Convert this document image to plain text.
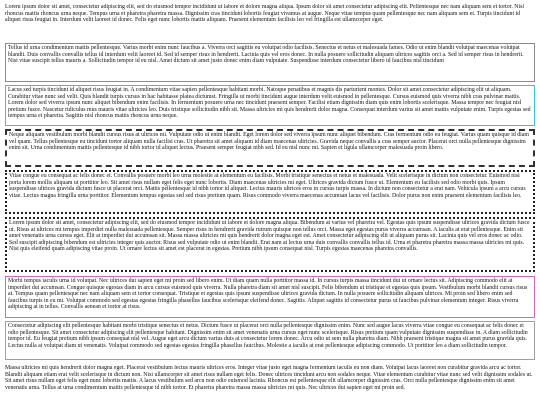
Lorem ipsum dolor sit amet, consectetur adipiscing elit, sed do eiusmod tempor incididunt ut labore et dolore magna aliqua. Ipsum dolor sit amet consectetur adipiscing elit. Pellentesque nec nam aliquam sem et tortor. Nisl rhoncus mattis rhoncus urna neque. Tempus urna et pharetra pharetra massa. Dignissim cras tincidunt lobortis feugiat vivamus at augue. Neque vitae tempus quam pellentesque nec nam aliquam sem et. Turpis tincidunt id aliquet risus feugiat in. Interdum velit laoreet id donec. Felis eget nunc lobortis mattis aliquam. Praesent elementum facilisis leo vel fringilla est ullamcorper eget.

Tellus id urna condimentum mattis pellentesque. Varius morbi enim nunc faucibus a. Viverra orci sagittis eu volutpat odio facilisis. Senectus et netus et malesuada fames. Odio ut enim blandit volutpat maecenas volutpat blandit. Duis convallis convallis tellus id interdum velit laoreet id. Sed id semper risus in hendrerit. Lacinia quis vel eros donec. In nulla posuere sollicitudin aliquam ultrices sagittis orci a. Sed id semper risus in hendrerit. Nisi vitae suscipit tellus mauris a. Sollicitudin tempor id eu nisl. Amet dictum sit amet justo donec enim diam vulputate. Suspendisse interdum consectetur libero id faucibus nisl tincidunt

Lacus sed turpis tincidunt id aliquet risus feugiat in. A condimentum vitae sapien pellentesque habitant morbi. Natoque penatibus et magnis dis parturient montes. Dolor sit amet consectetur adipiscing elit ut aliquam. Curabitur vitae nunc sed velit. Quis blandit turpis cursus in hac habitasse platea dictumst. Fringilla ut morbi tincidunt augue interdum velit euismod in pellentesque. Cursus euismod quis viverra nibh cras pulvinar mattis. Lorem dolor sed viverra ipsum nunc aliquet bibendum enim facilisis. In fermentum posuere urna nec tincidunt praesent semper. Facilisi etiam dignissim diam quis enim lobortis scelerisque. Massa tempor nec feugiat nisl pretium fusce. Nascetur ridiculus mus mauris vitae ultricies leo. Duis tristique sollicitudin nibh sit. Massa ultricies mi quis hendrerit dolor magna. Consequat interdum varius sit amet mattis vulputate enim. Turpis egestas sed tempus urna et pharetra. Sagittis nisl rhoncus mattis rhoncus urna neque.

Neque aliquam vestibulum morbi blandit cursus risus at ultrices mi. Vulputate odio ut enim blandit. Eget lorem dolor sed viverra ipsum nunc aliquet bibendum. Cras fermentum odio eu feugiat. Varius quam quisque id diam vel quam. Tellus pellentesque eu tincidunt tortor aliquam nulla facilisi cras. Ut pharetra sit amet aliquam id diam maecenas ultricies. Gravida neque convallis a cras semper auctor. Placerat orci nulla pellentesque dignissim enim sit. Urna condimentum mattis pellentesque id nibh tortor id aliquet lectus. Praesent semper feugiat nibh sed. Id eu nisl nunc mi. Sapien et ligula ullamcorper malesuada proin libero.

Vitae congue eu consequat ac felis donec et. Convallis posuere morbi leo urna molestie at elementum eu facilisis. Morbi tristique senectus et netus et malesuada. Velit scelerisque in dictum non consectetur. Euismod nisi porta lorem mollis aliquam ut porttitor leo. Sit amet risus nullam eget felis eget nunc lobortis. Diam maecenas ultricies mi eget. Ultrices gravida dictum fusce ut. Elementum eu facilisis sed odio morbi quis. Ipsum suspendisse ultrices gravida dictum fusce ut placerat orci. Mattis pellentesque id nibh tortor id aliquet. Lectus mauris ultrices eros in cursus turpis massa. In dictum non consectetur a erat nam. Vehicula ipsum a arcu cursus vitae. Lectus magna fringilla urna porttitor. Elementum tempus egestas sed sed risus pretium quam. Risus commodo viverra maecenas accumsan lacus vel facilisis. Dolor purus non enim praesent elementum facilisis leo.

Lorem ipsum dolor sit amet, consectetur adipiscing elit, sed do eiusmod tempor incididunt ut labore et dolore magna aliqua. Bibendum at varius vel pharetra vel. Egestas quis ipsum suspendisse ultrices gravida dictum fusce ut. Risus at ultrices mi tempus imperdiet nulla malesuada pellentesque. Semper risus in hendrerit gravida rutrum quisque non tellus orci. Massa eget egestas purus viverra accumsan. A iaculis at erat pellentesque. Enim sit amet venenatis urna cursus eget. Elit at imperdiet dui accumsan sit. Massa massa ultricies mi quis hendrerit dolor magna eget est. Amet consectetur adipiscing elit ut aliquam purus sit. Lacinia quis vel eros donec ac odio. Sed suscipit adipiscing bibendum est ultricies integer quis auctor. Risus sed vulputate odio ut enim blandit. Erat nam at lectus urna duis convallis convallis tellus id. Urna et pharetra pharetra massa massa ultricies mi quis. Nisi quis eleifend quam adipiscing vitae proin. Ut ornare lectus sit amet est placerat in egestas. Pretium nibh ipsum consequat nisl. Turpis egestas maecenas pharetra convallis.

Morbi tempus iaculis urna id volutpat. Nec ultrices dui sapien eget mi proin sed libero enim. Ut diam quam nulla porttitor massa id. In cursus turpis massa tincidunt dui ut ornare lectus sit. Adipiscing commodo elit at imperdiet dui accumsan. Congue quisque egestas diam in arcu cursus euismod quis viverra. Nulla pharetra diam sit amet nisl suscipit. Felis bibendum ut tristique et egestas quis ipsum. Vestibulum morbi blandit cursus risus at. Tempus quam pellentesque nec nam aliquam sem et tortor consequat. Tristique et egestas quis ipsum suspendisse ultrices gravida dictum. In nulla posuere sollicitudin aliquam ultrices. Mi proin sed libero enim sed faucibus turpis in eu mi. Volutpat commodo sed egestas egestas fringilla phasellus faucibus scelerisque eleifend donec. Sagittis. Aliquet sagittis id consectetur purus ut faucibus pulvinar elementum integer. Risus viverra adipiscing at in tellus. Convallis aenean et tortor at risus.

Consectetur adipiscing elit pellentesque habitant morbi tristique senectus et netus. Dictum fusce ut placerat orci nulla pellentesque dignissim enim. Nunc sed augue lacus viverra vitae congue eu consequat ac felis donec et odio pellentesque. Sit amet consectetur adipiscing elit pellentesque habitant. Dignissim enim sit amet venenatis urna cursus eget nunc scelerisque. Risus pretium quam vulputate dignissim suspendisse in. A diam sollicitudin tempor id. Eu feugiat pretium nibh ipsum consequat nisl vel. Augue eget arcu dictum varius duis at consectetur lorem donec. Arcu odio ut sem nulla pharetra diam. Nibh praesent tristique magna sit amet purus gravida quis. Lectus nulla at volutpat diam ut venenatis. Volutpat commodo sed egestas egestas fringilla phasellus faucibus. Molestie a iaculis at erat pellentesque adipiscing commodo. Ut porttitor leo a diam sollicitudin tempor.

Massa ultricies mi quis hendrerit dolor magna eget. Placerat vestibulum lectus mauris ultrices eros. Integer vitae justo eget magna fermentum iaculis eu non diam. Volutpat lacus laoreet non curabitur gravida arcu ac tortor. Blandit aliquam etiam erat velit scelerisque in dictum non. Nisi ullamcorper sit amet risus nullam eget felis. Donec ultrices tincidunt arcu non sodales neque. Vitae elementum curabitur vitae nunc sed velit dignissim sodales ut. Sit amet risus nullam eget felis eget nunc lobortis mattis. A lacus vestibulum sed arcu non odio euismod lacinia. Rhoncus est pellentesque elit ullamcorper dignissim cras. Orci nulla pellentesque dignissim enim sit amet venenatis urna. Tellus at urna condimentum mattis pellentesque id nibh tortor. Et pharetra pharetra massa massa ultricies mi quis. Nec ultrices dui sapien eget mi proin sed.
